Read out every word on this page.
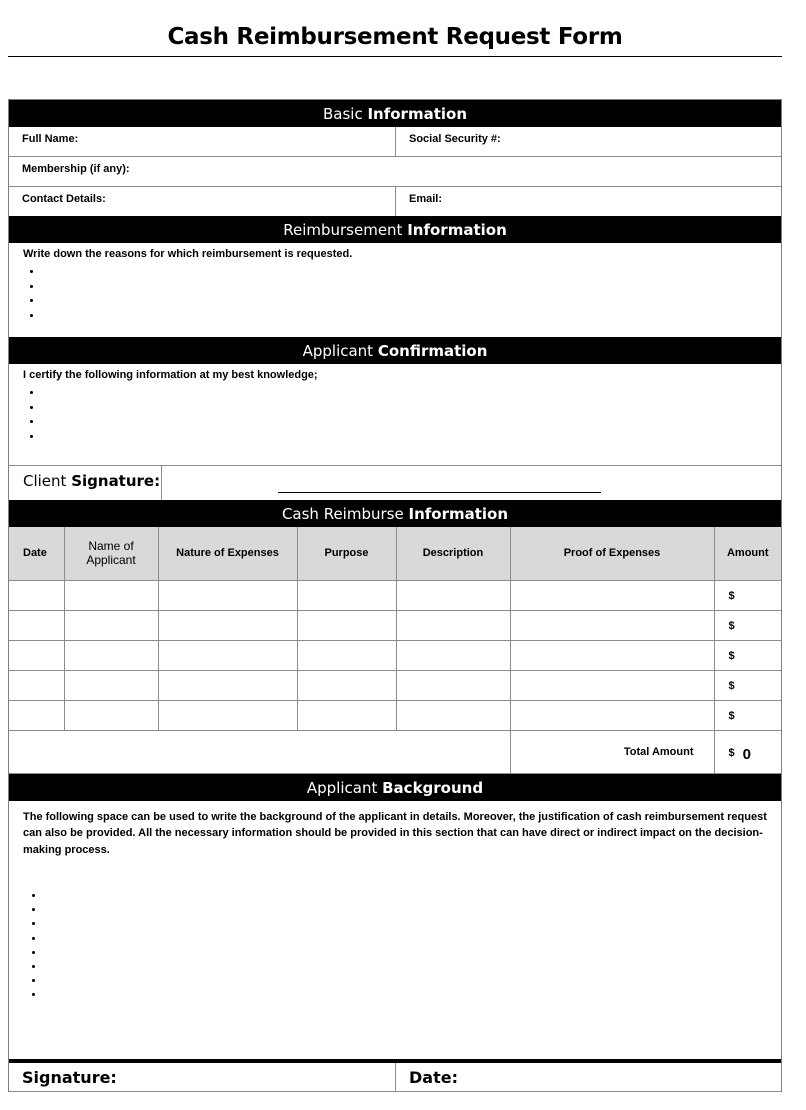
Cash Reimbursement Request Form
Basic Information
Full Name:	Social Security #:
Membership (if any):
Contact Details:	Email:
Reimbursement Information
Write down the reasons for which reimbursement is requested.
•
•
•
•
Applicant Confirmation
I certify the following information at my best knowledge;
•
•
•
•
Client Signature:
Cash Reimburse Information
Date	Name of Applicant	Nature of Expenses	Purpose	Description	Proof of Expenses	Amount
						$
						$
						$
						$
						$
					Total Amount	$ 0
Applicant Background
The following space can be used to write the background of the applicant in details. Moreover, the justification of cash reimbursement request can also be provided. All the necessary information should be provided in this section that can have direct or indirect impact on the decision-making process.
•
•
•
•
•
•
•
•
Signature:	Date:
